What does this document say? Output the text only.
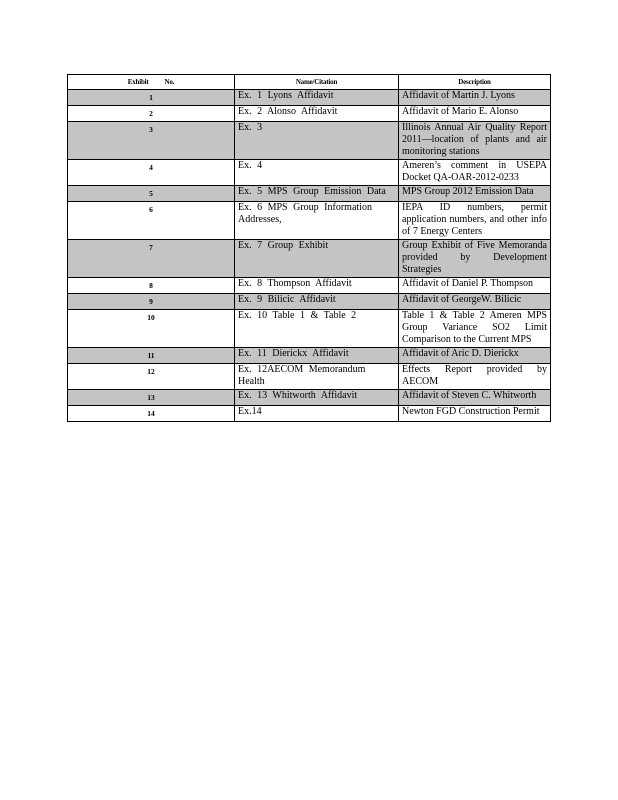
Exhibit No.	Name/Citation	Description
1	Ex. 1 Lyons Affidavit	Affidavit of Martin J. Lyons
2	Ex. 2 Alonso Affidavit	Affidavit of Mario E. Alonso
3	Ex. 3	Illinois Annual Air Quality Report 2011—location of plants and air monitoring stations
4	Ex. 4	Ameren’s comment in USEPA Docket QA-OAR-2012-0233
5	Ex. 5 MPS Group Emission Data	MPS Group 2012 Emission Data
6	Ex. 6 MPS Group Information Addresses,	IEPA ID numbers, permit application numbers, and other info of 7 Energy Centers
7	Ex. 7 Group Exhibit	Group Exhibit of Five Memoranda provided by Development Strategies
8	Ex. 8 Thompson Affidavit	Affidavit of Daniel P. Thompson
9	Ex. 9 Bilicic Affidavit	Affidavit of GeorgeW. Bilicic
10	Ex. 10 Table 1 & Table 2	Table 1 & Table 2 Ameren MPS Group Variance SO2 Limit Comparison to the Current MPS
11	Ex. 11 Dierickx Affidavit	Affidavit of Aric D. Dierickx
12	Ex. 12AECOM Memorandum Health	Effects Report provided by AECOM
13	Ex. 13 Whitworth Affidavit	Affidavit of Steven C. Whitworth
14	Ex.14	Newton FGD Construction Permit
